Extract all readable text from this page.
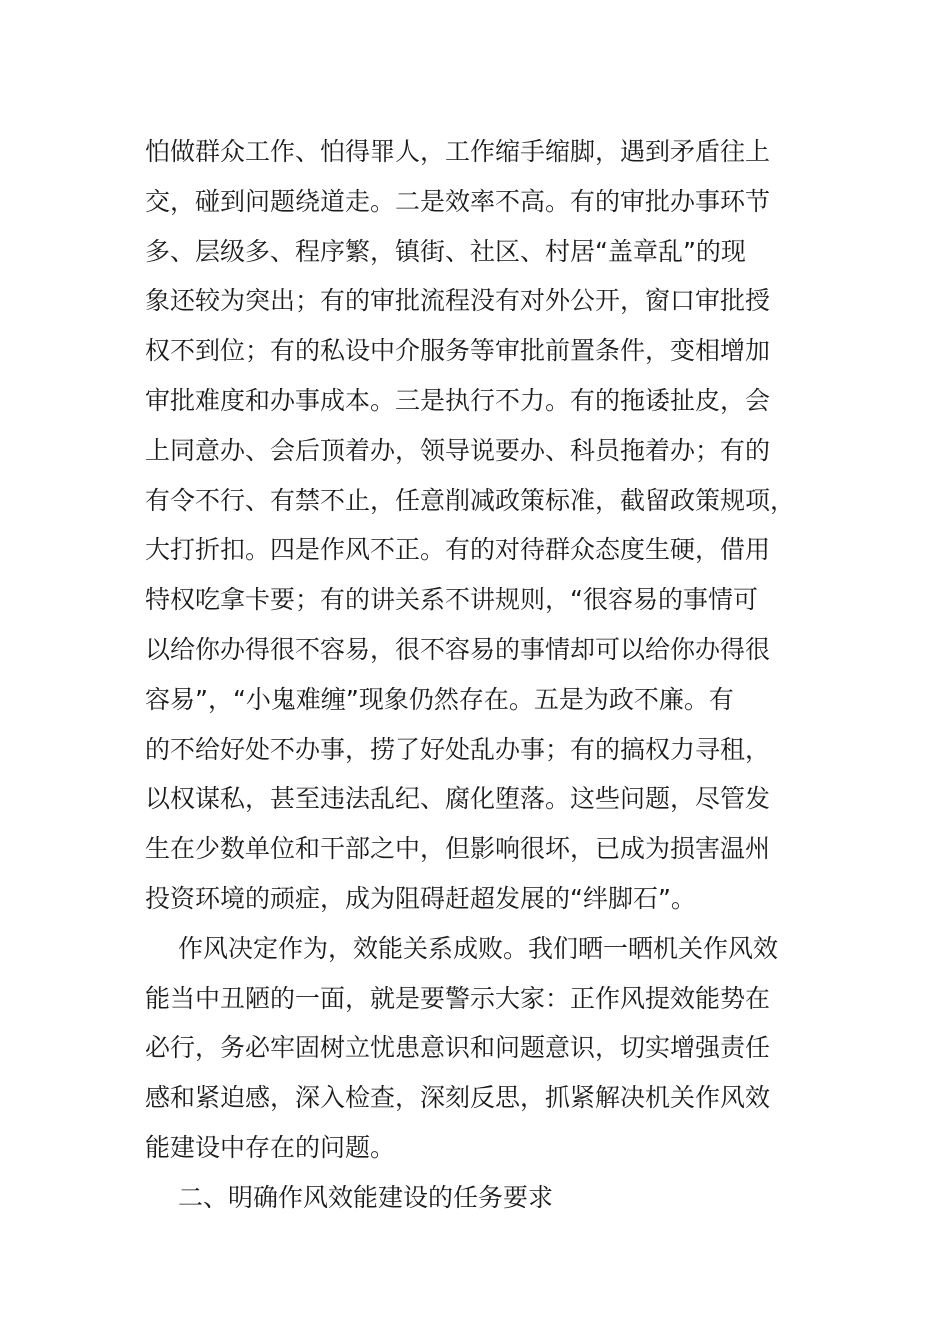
怕做群众工作、怕得罪人，工作缩手缩脚，遇到矛盾往上
交，碰到问题绕道走。二是效率不高。有的审批办事环节
多、层级多、程序繁，镇街、社区、村居“盖章乱”的现
象还较为突出；有的审批流程没有对外公开，窗口审批授
权不到位；有的私设中介服务等审批前置条件，变相增加
审批难度和办事成本。三是执行不力。有的拖诿扯皮，会
上同意办、会后顶着办，领导说要办、科员拖着办；有的
有令不行、有禁不止，任意削减政策标准，截留政策规项，
大打折扣。四是作风不正。有的对待群众态度生硬，借用
特权吃拿卡要；有的讲关系不讲规则，“很容易的事情可
以给你办得很不容易，很不容易的事情却可以给你办得很
容易”，“小鬼难缠”现象仍然存在。五是为政不廉。有
的不给好处不办事，捞了好处乱办事；有的搞权力寻租，
以权谋私，甚至违法乱纪、腐化堕落。这些问题，尽管发
生在少数单位和干部之中，但影响很坏，已成为损害温州
投资环境的顽症，成为阻碍赶超发展的“绊脚石”。
作风决定作为，效能关系成败。我们晒一晒机关作风效
能当中丑陋的一面，就是要警示大家：正作风提效能势在
必行，务必牢固树立忧患意识和问题意识，切实增强责任
感和紧迫感，深入检查，深刻反思，抓紧解决机关作风效
能建设中存在的问题。
二、明确作风效能建设的任务要求
